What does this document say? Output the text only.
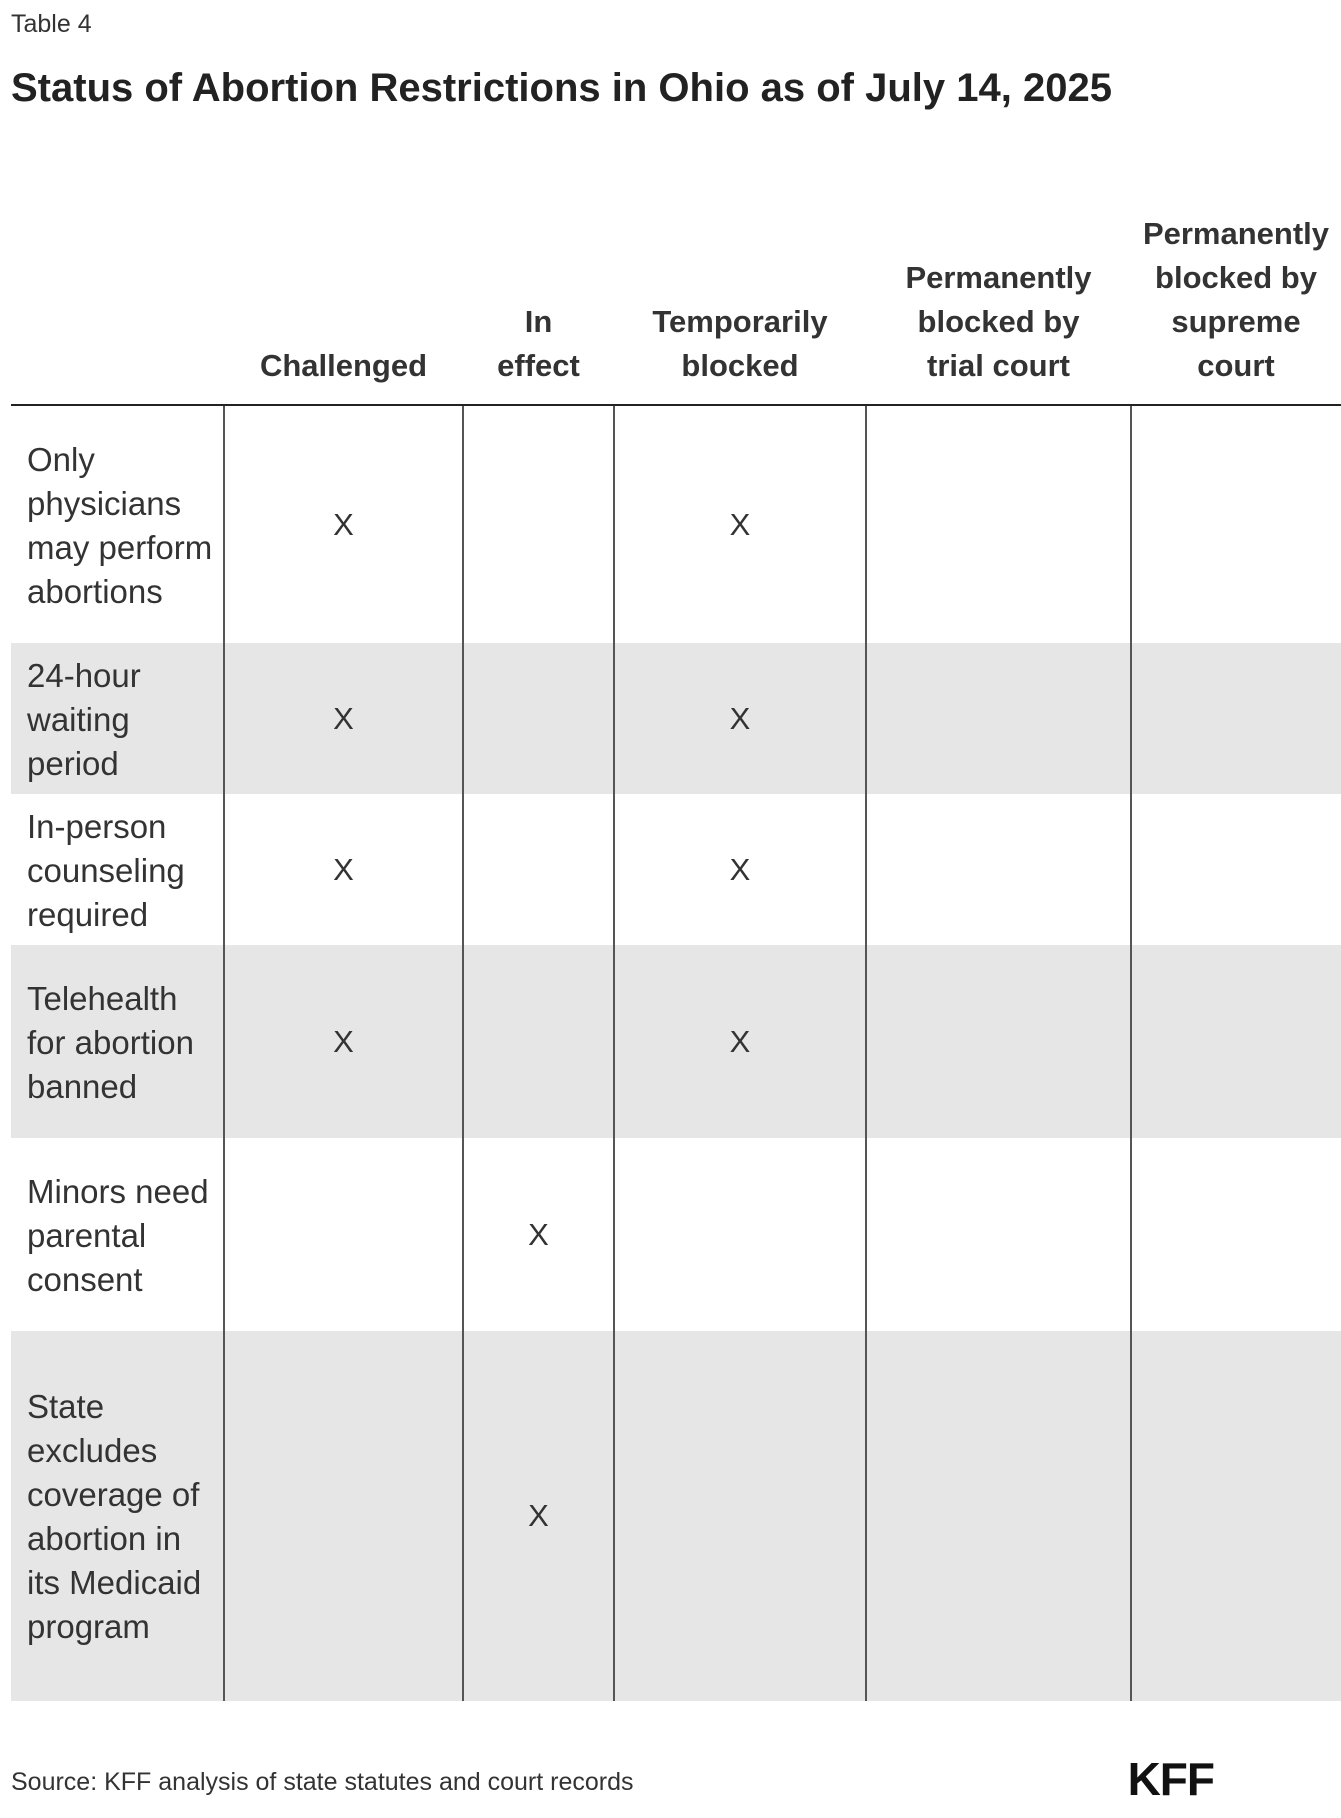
Table 4
Status of Abortion Restrictions in Ohio as of July 14, 2025
	Challenged	In effect	Temporarily blocked	Permanently blocked by trial court	Permanently blocked by supreme court
Only physicians may perform abortions	X		X		
24-hour waiting period	X		X		
In-person counseling required	X		X		
Telehealth for abortion banned	X		X		
Minors need parental consent		X			
State excludes coverage of abortion in its Medicaid program		X			
Source: KFF analysis of state statutes and court records	KFF
